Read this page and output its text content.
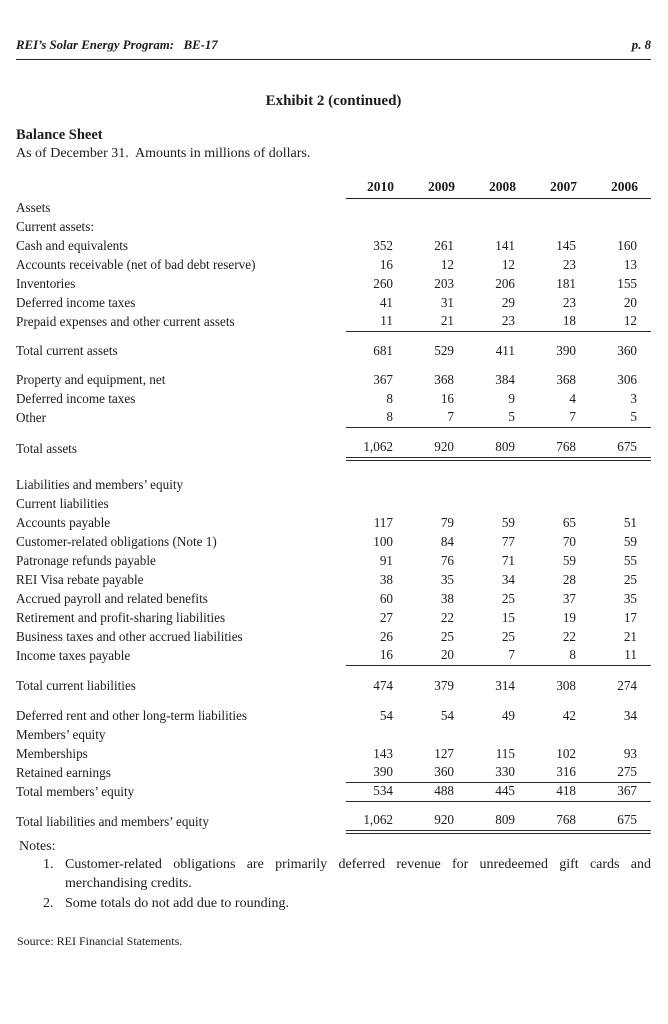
REI’s Solar Energy Program:   BE-17	p. 8
Exhibit 2 (continued)
Balance Sheet
As of December 31.  Amounts in millions of dollars.
	2010	2009	2008	2007	2006
Assets					
Current assets:					
Cash and equivalents	352	261	141	145	160
Accounts receivable (net of bad debt reserve)	16	12	12	23	13
Inventories	260	203	206	181	155
Deferred income taxes	41	31	29	23	20
Prepaid expenses and other current assets	11	21	23	18	12

Total current assets	681	529	411	390	360

Property and equipment, net	367	368	384	368	306
Deferred income taxes	8	16	9	4	3
Other	8	7	5	7	5

Total assets	1,062	920	809	768	675

Liabilities and members’ equity					
Current liabilities					
Accounts payable	117	79	59	65	51
Customer-related obligations (Note 1)	100	84	77	70	59
Patronage refunds payable	91	76	71	59	55
REI Visa rebate payable	38	35	34	28	25
Accrued payroll and related benefits	60	38	25	37	35
Retirement and profit-sharing liabilities	27	22	15	19	17
Business taxes and other accrued liabilities	26	25	25	22	21
Income taxes payable	16	20	7	8	11

Total current liabilities	474	379	314	308	274

Deferred rent and other long-term liabilities	54	54	49	42	34
Members’ equity					
Memberships	143	127	115	102	93
Retained earnings	390	360	330	316	275
Total members’ equity	534	488	445	418	367

Total liabilities and members’ equity	1,062	920	809	768	675
Notes:
1. Customer-related obligations are primarily deferred revenue for unredeemed gift cards and merchandising credits.
2. Some totals do not add due to rounding.
Source: REI Financial Statements.
